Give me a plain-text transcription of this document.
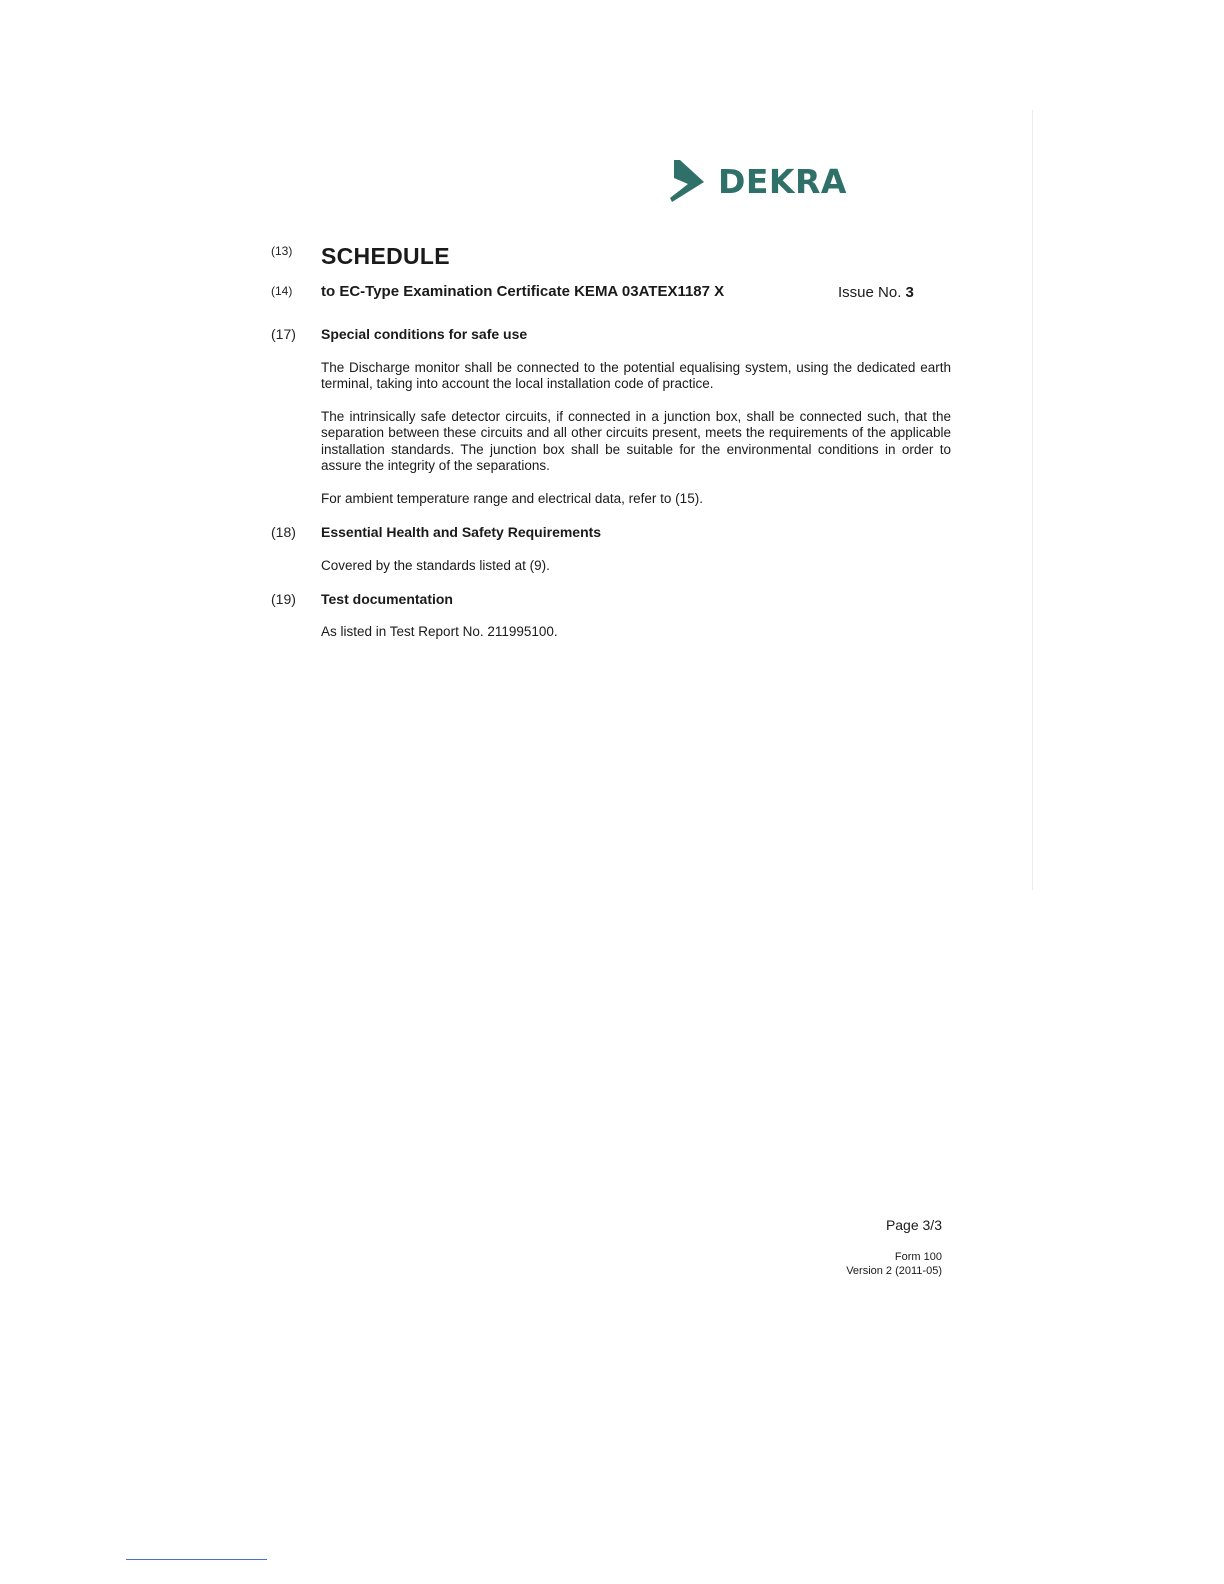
DEKRA
(13) SCHEDULE
(14) to EC-Type Examination Certificate KEMA 03ATEX1187 X	Issue No. 3
(17) Special conditions for safe use

The Discharge monitor shall be connected to the potential equalising system, using the dedicated earth terminal, taking into account the local installation code of practice.

The intrinsically safe detector circuits, if connected in a junction box, shall be connected such, that the separation between these circuits and all other circuits present, meets the requirements of the applicable installation standards. The junction box shall be suitable for the environmental conditions in order to assure the integrity of the separations.

For ambient temperature range and electrical data, refer to (15).

(18) Essential Health and Safety Requirements

Covered by the standards listed at (9).

(19) Test documentation

As listed in Test Report No. 211995100.

Page 3/3
Form 100
Version 2 (2011-05)
